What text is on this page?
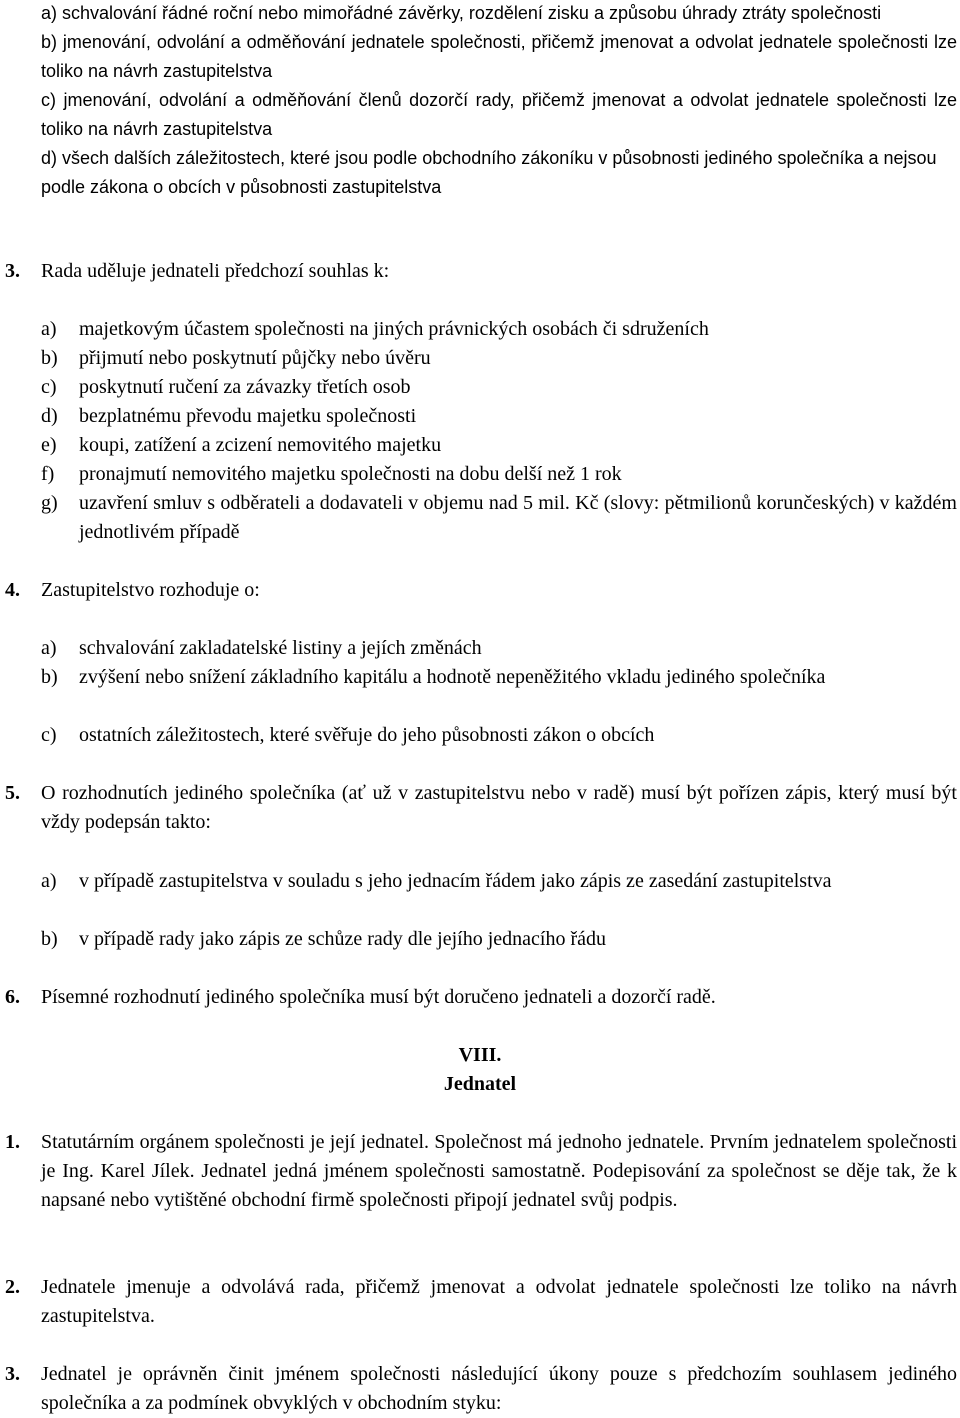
a) schvalování řádné roční nebo mimořádné závěrky, rozdělení zisku a způsobu úhrady ztráty společnosti

b) jmenování, odvolání a odměňování jednatele společnosti, přičemž jmenovat a odvolat jednatele společnosti lze toliko na návrh zastupitelstva

c) jmenování, odvolání a odměňování členů dozorčí rady, přičemž jmenovat a odvolat jednatele společnosti lze toliko na návrh zastupitelstva

d) všech dalších záležitostech, které jsou podle obchodního zákoníku v působnosti jediného společníka a nejsou podle zákona o obcích v působnosti zastupitelstva

3. Rada uděluje jednateli předchozí souhlas k:
a)	majetkovým účastem společnosti na jiných právnických osobách či sdruženích
b)	přijmutí nebo poskytnutí půjčky nebo úvěru
c)	poskytnutí ručení za závazky třetích osob
d)	bezplatnému převodu majetku společnosti
e)	koupi, zatížení a zcizení nemovitého majetku
f)	pronajmutí nemovitého majetku společnosti na dobu delší než 1 rok
g)	uzavření smluv s odběrateli a dodavateli v objemu nad 5 mil. Kč (slovy: pětmilionů korunčeských) v každém jednotlivém případě
4. Zastupitelstvo rozhoduje o:
a)	schvalování zakladatelské listiny a jejích změnách
b)	zvýšení nebo snížení základního kapitálu a hodnotě nepeněžitého vkladu jediného společníka
c)	ostatních záležitostech, které svěřuje do jeho působnosti zákon o obcích
5.	O rozhodnutích jediného společníka (ať už v zastupitelstvu nebo v radě) musí být pořízen zápis, který musí být vždy podepsán takto:
a)	v případě zastupitelstva v souladu s jeho jednacím řádem jako zápis ze zasedání zastupitelstva
b)	v případě rady jako zápis ze schůze rady dle jejího jednacího řádu
6. Písemné rozhodnutí jediného společníka musí být doručeno jednateli a dozorčí radě.
VIII.
Jednatel
1.	Statutárním orgánem společnosti je její jednatel. Společnost má jednoho jednatele. Prvním jednatelem společnosti je Ing. Karel Jílek. Jednatel jedná jménem společnosti samostatně. Podepisování za společnost se děje tak, že k napsané nebo vytištěné obchodní firmě společnosti připojí jednatel svůj podpis.
2.	Jednatele jmenuje a odvolává rada, přičemž jmenovat a odvolat jednatele společnosti lze toliko na návrh zastupitelstva.
3.	Jednatel je oprávněn činit jménem společnosti následující úkony pouze s předchozím souhlasem jediného společníka a za podmínek obvyklých v obchodním styku:
